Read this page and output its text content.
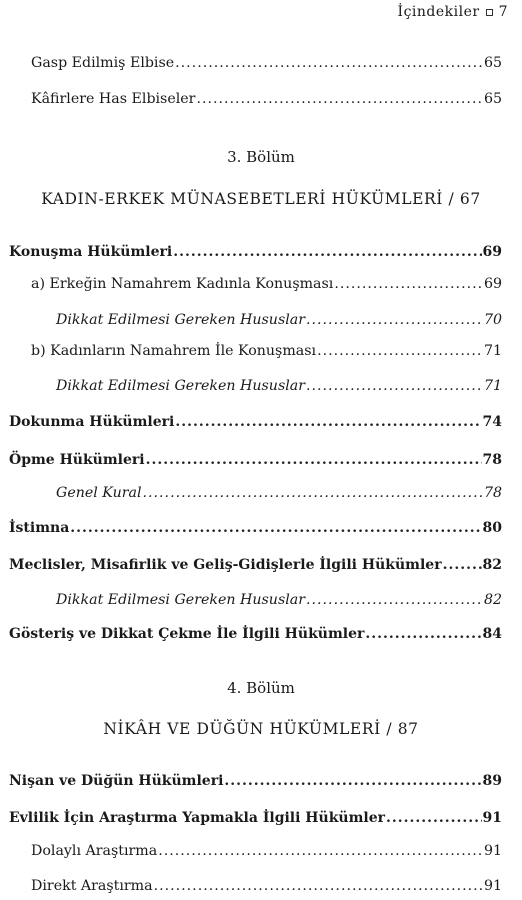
İçindekiler 7
Gasp Edilmiş Elbise .....	65
Kâfirlere Has Elbiseler .....	65
3. Bölüm
KADIN-ERKEK MÜNASEBETLERİ HÜKÜMLERİ / 67
Konuşma Hükümleri .....	69
a) Erkeğin Namahrem Kadınla Konuşması .....	69
Dikkat Edilmesi Gereken Hususlar .....	70
b) Kadınların Namahrem İle Konuşması .....	71
Dikkat Edilmesi Gereken Hususlar .....	71
Dokunma Hükümleri .....	74
Öpme Hükümleri .....	78
Genel Kural .....	78
İstimna .....	80
Meclisler, Misafirlik ve Geliş-Gidişlerle İlgili Hükümler .....	82
Dikkat Edilmesi Gereken Hususlar .....	82
Gösteriş ve Dikkat Çekme İle İlgili Hükümler .....	84
4. Bölüm
NİKÂH VE DÜĞÜN HÜKÜMLERİ / 87
Nişan ve Düğün Hükümleri .....	89
Evlilik İçin Araştırma Yapmakla İlgili Hükümler .....	91
Dolaylı Araştırma .....	91
Direkt Araştırma .....	91
